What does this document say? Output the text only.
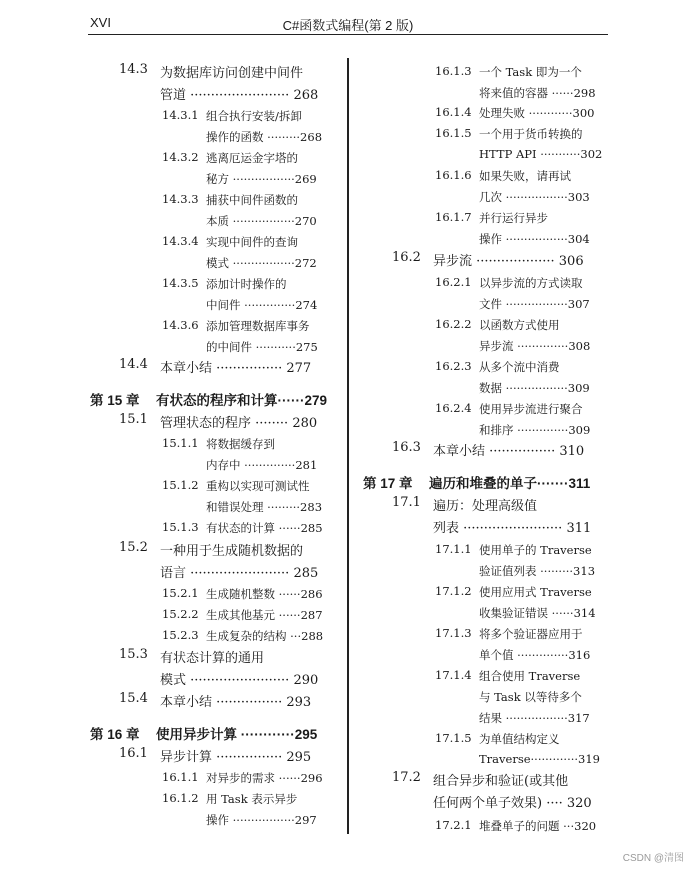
XVI	C#函数式编程(第 2 版)
14.3 为数据库访问创建中间件
管道 ························ 268
14.3.1 组合执行安装/拆卸
操作的函数 ·········268
14.3.2 逃离厄运金字塔的
秘方 ·················269
14.3.3 捕获中间件函数的
本质 ·················270
14.3.4 实现中间件的查询
模式 ·················272
14.3.5 添加计时操作的
中间件 ··············274
14.3.6 添加管理数据库事务
的中间件 ···········275
14.4 本章小结 ················ 277
第 15 章 有状态的程序和计算······279
15.1 管理状态的程序 ········ 280
15.1.1 将数据缓存到
内存中 ··············281
15.1.2 重构以实现可测试性
和错误处理 ·········283
15.1.3 有状态的计算 ······285
15.2 一种用于生成随机数据的
语言 ························ 285
15.2.1 生成随机整数 ······286
15.2.2 生成其他基元 ······287
15.2.3 生成复杂的结构 ···288
15.3 有状态计算的通用
模式 ························ 290
15.4 本章小结 ················ 293
第 16 章 使用异步计算 ············295
16.1 异步计算 ················ 295
16.1.1 对异步的需求 ······296
16.1.2 用 Task 表示异步
操作 ·················297
16.1.3 一个 Task 即为一个
将来值的容器 ······298
16.1.4 处理失败 ············300
16.1.5 一个用于货币转换的
HTTP API ···········302
16.1.6 如果失败，请再试
几次 ·················303
16.1.7 并行运行异步
操作 ·················304
16.2 异步流 ··················· 306
16.2.1 以异步流的方式读取
文件 ·················307
16.2.2 以函数方式使用
异步流 ··············308
16.2.3 从多个流中消费
数据 ·················309
16.2.4 使用异步流进行聚合
和排序 ··············309
16.3 本章小结 ················ 310
第 17 章 遍历和堆叠的单子·······311
17.1 遍历：处理高级值
列表 ························ 311
17.1.1 使用单子的 Traverse
验证值列表 ·········313
17.1.2 使用应用式 Traverse
收集验证错误 ······314
17.1.3 将多个验证器应用于
单个值 ··············316
17.1.4 组合使用 Traverse
与 Task 以等待多个
结果 ·················317
17.1.5 为单值结构定义
Traverse·············319
17.2 组合异步和验证(或其他
任何两个单子效果) ···· 320
17.2.1 堆叠单子的问题 ···320
CSDN @清图
